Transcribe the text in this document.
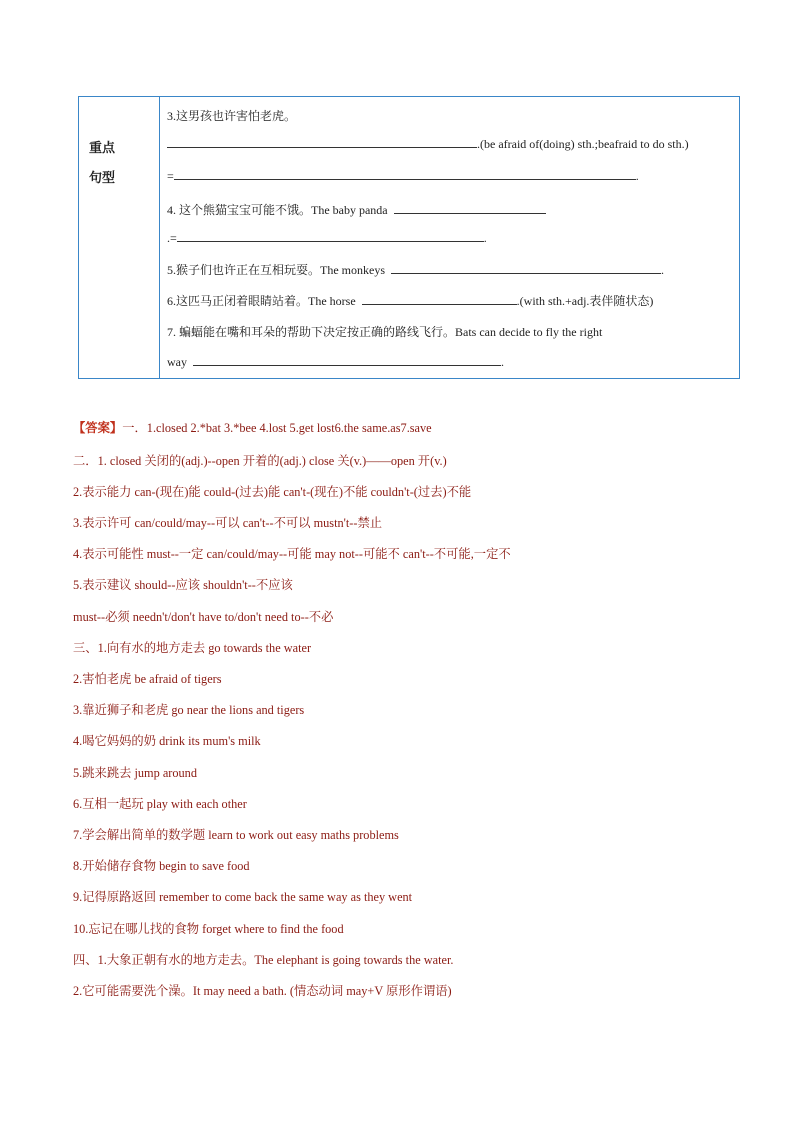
重点
句型
3.这男孩也许害怕老虎。
.(be afraid of(doing) sth.;beafraid to do sth.)
=	.
4. 这个熊猫宝宝可能不饿。The baby panda
.=	.
5.猴子们也许正在互相玩耍。The monkeys	.
6.这匹马正闭着眼睛站着。The horse	.(with sth.+adj.表伴随状态)
7. 蝙蝠能在嘴和耳朵的帮助下决定按正确的路线飞行。Bats can decide to fly the right
way	.
【答案】一．1.closed 2.*bat 3.*bee 4.lost 5.get lost6.the same.as7.save
二．1. closed 关闭的(adj.)--open 开着的(adj.) close 关(v.)——open 开(v.)
2.表示能力 can-(现在)能 could-(过去)能 can't-(现在)不能 couldn't-(过去)不能
3.表示许可 can/could/may--可以 can't--不可以 mustn't--禁止
4.表示可能性 must--一定 can/could/may--可能 may not--可能不 can't--不可能,一定不
5.表示建议 should--应该 shouldn't--不应该
must--必须 needn't/don't have to/don't need to--不必
三、1.向有水的地方走去 go towards the water
2.害怕老虎 be afraid of tigers
3.靠近狮子和老虎 go near the lions and tigers
4.喝它妈妈的奶 drink its mum's milk
5.跳来跳去 jump around
6.互相一起玩 play with each other
7.学会解出简单的数学题 learn to work out easy maths problems
8.开始储存食物 begin to save food
9.记得原路返回 remember to come back the same way as they went
10.忘记在哪儿找的食物 forget where to find the food
四、1.大象正朝有水的地方走去。The elephant is going towards the water.
2.它可能需要洗个澡。It may need a bath. (情态动词 may+V 原形作谓语)
